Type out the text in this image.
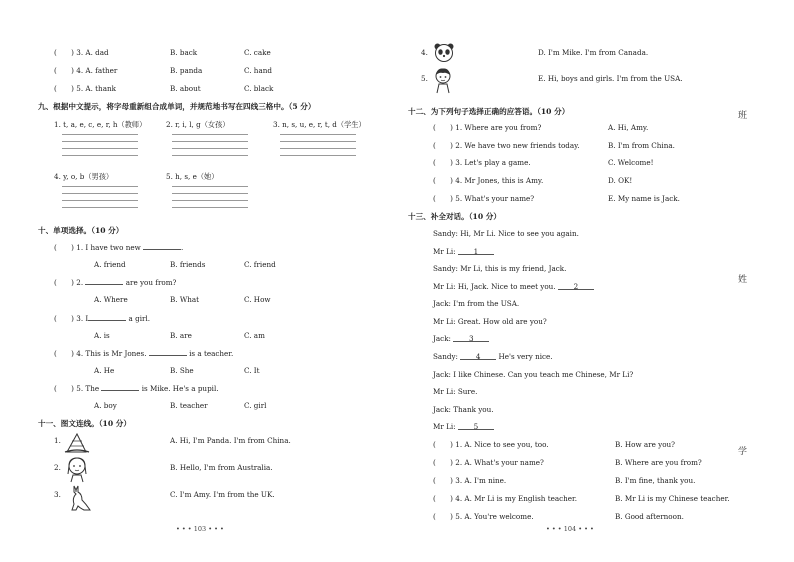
(　　) 3. A. dad	B. back	C. cake
(　　) 4. A. father	B. panda	C. hand
(　　) 5. A. thank	B. about	C. black
九、根据中文提示，将字母重新组合成单词，并规范地书写在四线三格中。（5 分）
1. t, a, e, c, e, r, h（教师）	2. r, i, l, g（女孩）	3. n, s, u, e, r, t, d（学生）
4. y, o, b（男孩）	5. h, s, e（她）
十、单项选择。（10 分）
(　　) 1. I have two new	.
A. friend	B. friends	C. friend
(　　) 2.	are you from?
A. Where	B. What	C. How
(　　) 3. I	a girl.
A. is	B. are	C. am
(　　) 4. This is Mr Jones.	is a teacher.
A. He	B. She	C. It
(　　) 5. The	is Mike. He's a pupil.
A. boy	B. teacher	C. girl
十一、图文连线。（10 分）
1.	A. Hi, I'm Panda. I'm from China.
2.	B. Hello, I'm from Australia.
3.	C. I'm Amy. I'm from the UK.
• • • 103 • • •
4.	D. I'm Mike. I'm from Canada.
5.	E. Hi, boys and girls. I'm from the USA.
十二、为下列句子选择正确的应答语。（10 分）
(　　) 1. Where are you from?	A. Hi, Amy.
(　　) 2. We have two new friends today.	B. I'm from China.
(　　) 3. Let's play a game.	C. Welcome!
(　　) 4. Mr Jones, this is Amy.	D. OK!
(　　) 5. What's your name?	E. My name is Jack.
十三、补全对话。（10 分）
Sandy: Hi, Mr Li. Nice to see you again.
Mr Li:	1
Sandy: Mr Li, this is my friend, Jack.
Mr Li: Hi, Jack. Nice to meet you.	2
Jack: I'm from the USA.
Mr Li: Great. How old are you?
Jack:	3
Sandy:	4	He's very nice.
Jack: I like Chinese. Can you teach me Chinese, Mr Li?
Mr Li: Sure.
Jack: Thank you.
Mr Li:	5
(　　) 1. A. Nice to see you, too.	B. How are you?
(　　) 2. A. What's your name?	B. Where are you from?
(　　) 3. A. I'm nine.	B. I'm fine, thank you.
(　　) 4. A. Mr Li is my English teacher.	B. Mr Li is my Chinese teacher.
(　　) 5. A. You're welcome.	B. Good afternoon.
• • • 104 • • •
班
姓
学
